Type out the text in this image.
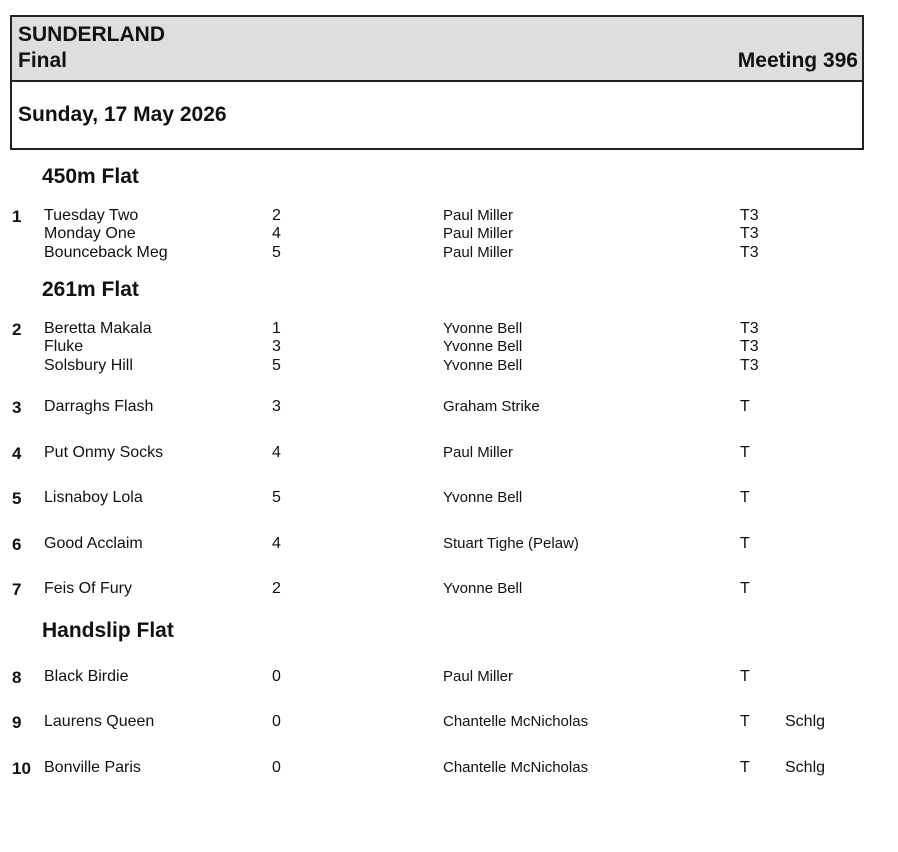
SUNDERLAND
Final	Meeting 396
Sunday, 17 May 2026
450m Flat
261m Flat
Handslip Flat
1 Tuesday Two	2	Paul Miller	T3
Monday One	4	Paul Miller	T3
Bounceback Meg	5	Paul Miller	T3
2 Beretta Makala	1	Yvonne Bell	T3
Fluke	3	Yvonne Bell	T3
Solsbury Hill	5	Yvonne Bell	T3
3 Darraghs Flash	3	Graham Strike	T
4 Put Onmy Socks	4	Paul Miller	T
5 Lisnaboy Lola	5	Yvonne Bell	T
6 Good Acclaim	4	Stuart Tighe (Pelaw)	T
7 Feis Of Fury	2	Yvonne Bell	T
8 Black Birdie	0	Paul Miller	T
9 Laurens Queen	0	Chantelle McNicholas	T Schlg
10 Bonville Paris	0	Chantelle McNicholas	T Schlg
